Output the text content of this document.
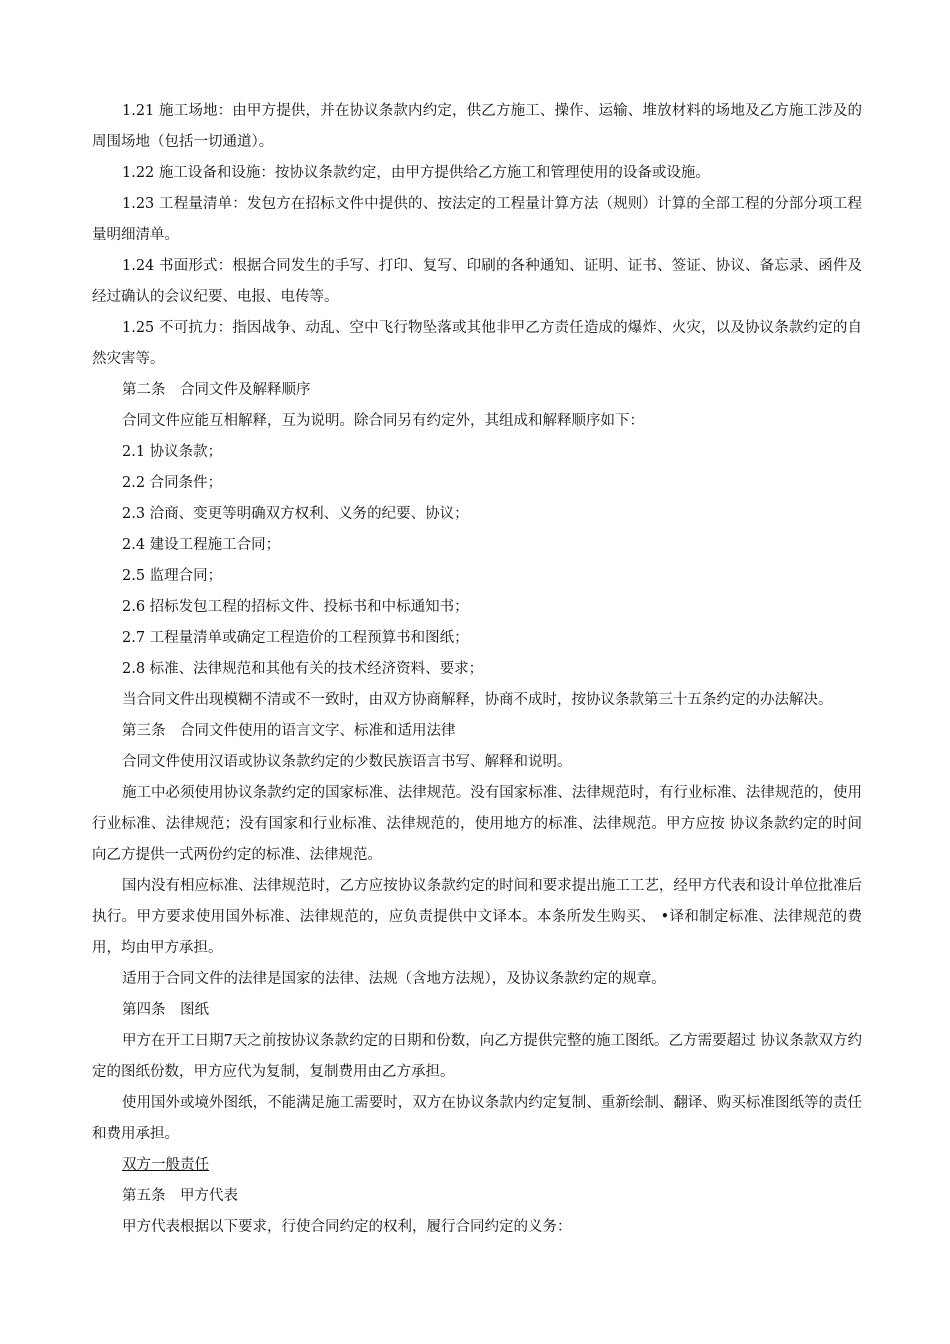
1.21 施工场地：由甲方提供，并在协议条款内约定，供乙方施工、操作、运输、堆放材料的场地及乙方施工涉及的周围场地（包括一切通道）。

1.22 施工设备和设施：按协议条款约定，由甲方提供给乙方施工和管理使用的设备或设施。

1.23 工程量清单：发包方在招标文件中提供的、按法定的工程量计算方法（规则）计算的全部工程的分部分项工程量明细清单。

1.24 书面形式：根据合同发生的手写、打印、复写、印刷的各种通知、证明、证书、签证、协议、备忘录、函件及经过确认的会议纪要、电报、电传等。

1.25 不可抗力：指因战争、动乱、空中飞行物坠落或其他非甲乙方责任造成的爆炸、火灾，以及协议条款约定的自然灾害等。

第二条　合同文件及解释顺序

合同文件应能互相解释，互为说明。除合同另有约定外，其组成和解释顺序如下：

2.1 协议条款；

2.2 合同条件；

2.3 洽商、变更等明确双方权利、义务的纪要、协议；

2.4 建设工程施工合同；

2.5 监理合同；

2.6 招标发包工程的招标文件、投标书和中标通知书；

2.7 工程量清单或确定工程造价的工程预算书和图纸；

2.8 标准、法律规范和其他有关的技术经济资料、要求；

当合同文件出现模糊不清或不一致时，由双方协商解释，协商不成时，按协议条款第三十五条约定的办法解决。

第三条　合同文件使用的语言文字、标准和适用法律

合同文件使用汉语或协议条款约定的少数民族语言书写、解释和说明。

施工中必须使用协议条款约定的国家标准、法律规范。没有国家标准、法律规范时，有行业标准、法律规范的，使用行业标准、法律规范；没有国家和行业标准、法律规范的，使用地方的标准、法律规范。甲方应按 协议条款约定的时间向乙方提供一式两份约定的标准、法律规范。

国内没有相应标准、法律规范时，乙方应按协议条款约定的时间和要求提出施工工艺，经甲方代表和设计单位批准后执行。甲方要求使用国外标准、法律规范的，应负责提供中文译本。本条所发生购买、 •译和制定标准、法律规范的费用，均由甲方承担。

适用于合同文件的法律是国家的法律、法规（含地方法规），及协议条款约定的规章。

第四条　图纸

甲方在开工日期7天之前按协议条款约定的日期和份数，向乙方提供完整的施工图纸。乙方需要超过 协议条款双方约定的图纸份数，甲方应代为复制，复制费用由乙方承担。

使用国外或境外图纸，不能满足施工需要时，双方在协议条款内约定复制、重新绘制、翻译、购买标准图纸等的责任和费用承担。

双方一般责任

第五条　甲方代表

甲方代表根据以下要求，行使合同约定的权利，履行合同约定的义务：
